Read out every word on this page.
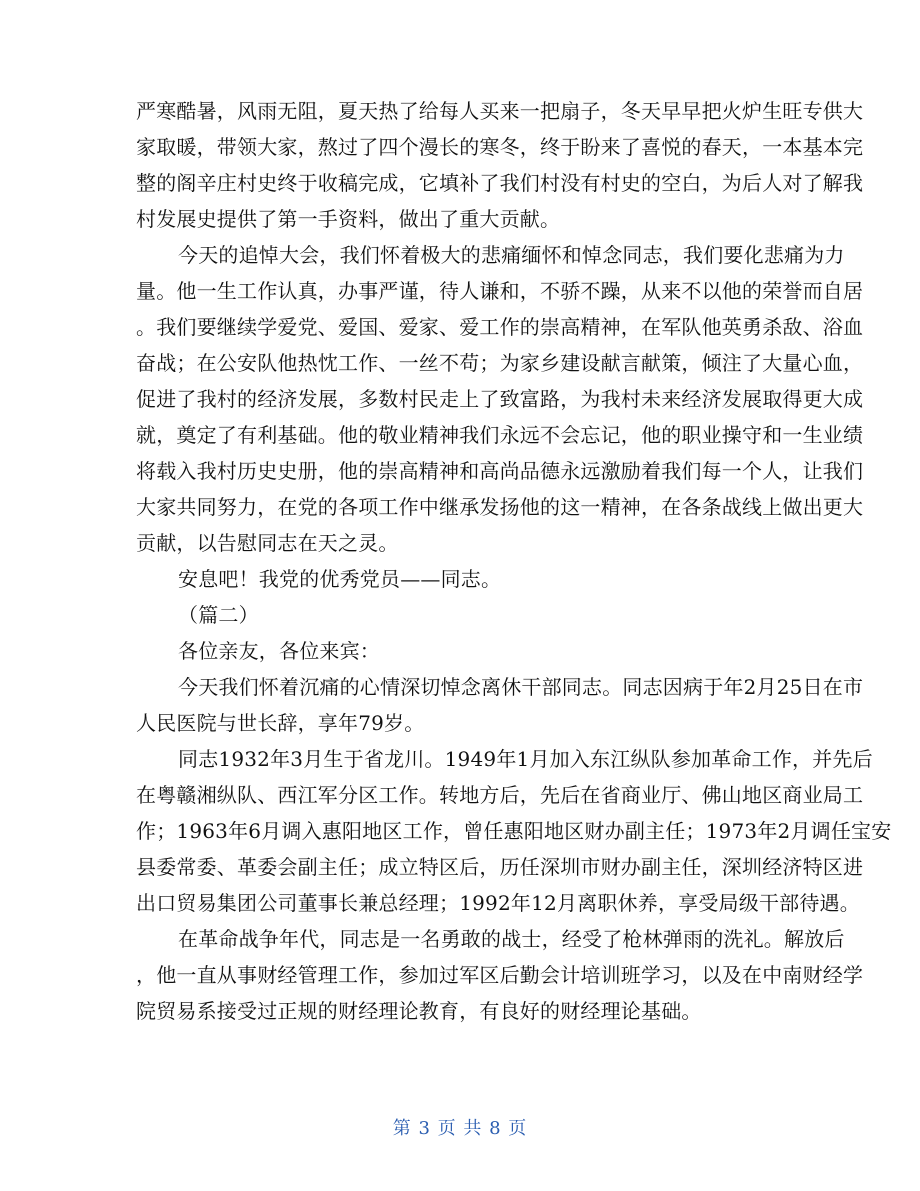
严寒酷暑，风雨无阻，夏天热了给每人买来一把扇子，冬天早早把火炉生旺专供大
家取暖，带领大家，熬过了四个漫长的寒冬，终于盼来了喜悦的春天，一本基本完
整的阁辛庄村史终于收稿完成，它填补了我们村没有村史的空白，为后人对了解我
村发展史提供了第一手资料，做出了重大贡献。
今天的追悼大会，我们怀着极大的悲痛缅怀和悼念同志，我们要化悲痛为力
量。他一生工作认真，办事严谨，待人谦和，不骄不躁，从来不以他的荣誉而自居
。我们要继续学爱党、爱国、爱家、爱工作的崇高精神，在军队他英勇杀敌、浴血
奋战；在公安队他热忱工作、一丝不苟；为家乡建设献言献策，倾注了大量心血，
促进了我村的经济发展，多数村民走上了致富路，为我村未来经济发展取得更大成
就，奠定了有利基础。他的敬业精神我们永远不会忘记，他的职业操守和一生业绩
将载入我村历史史册，他的崇高精神和高尚品德永远激励着我们每一个人，让我们
大家共同努力，在党的各项工作中继承发扬他的这一精神，在各条战线上做出更大
贡献，以告慰同志在天之灵。
安息吧！我党的优秀党员——同志。
（篇二）
各位亲友，各位来宾：
今天我们怀着沉痛的心情深切悼念离休干部同志。同志因病于年2月25日在市
人民医院与世长辞，享年79岁。
同志1932年3月生于省龙川。1949年1月加入东江纵队参加革命工作，并先后
在粤赣湘纵队、西江军分区工作。转地方后，先后在省商业厅、佛山地区商业局工
作；1963年6月调入惠阳地区工作，曾任惠阳地区财办副主任；1973年2月调任宝安
县委常委、革委会副主任；成立特区后，历任深圳市财办副主任，深圳经济特区进
出口贸易集团公司董事长兼总经理；1992年12月离职休养，享受局级干部待遇。
在革命战争年代，同志是一名勇敢的战士，经受了枪林弹雨的洗礼。解放后
，他一直从事财经管理工作，参加过军区后勤会计培训班学习，以及在中南财经学
院贸易系接受过正规的财经理论教育，有良好的财经理论基础。
第 3 页 共 8 页
